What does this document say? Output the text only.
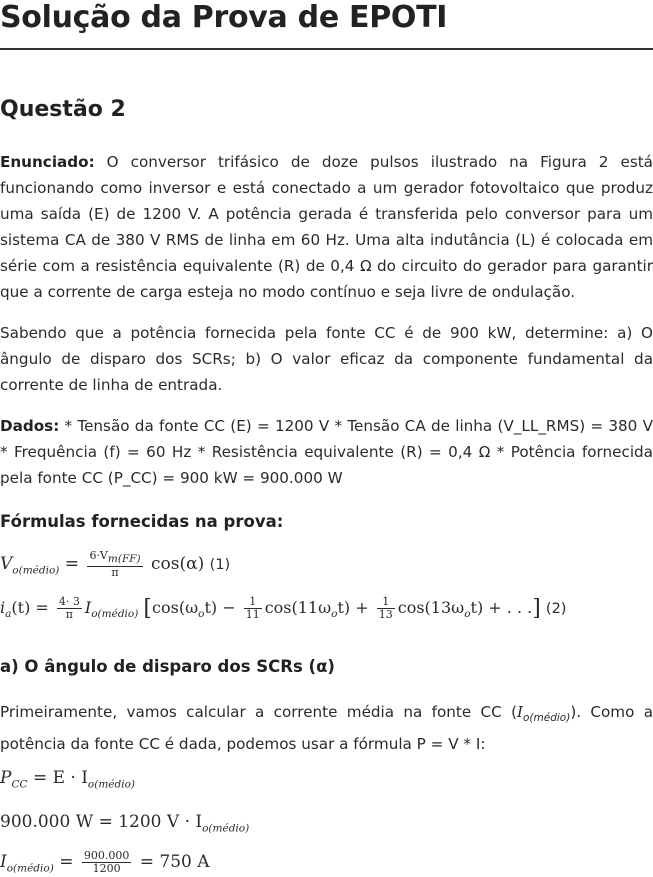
Solução da Prova de EPOTI
Questão 2

Enunciado: O conversor trifásico de doze pulsos ilustrado na Figura 2 está funcionando como inversor e está conectado a um gerador fotovoltaico que produz uma saída (E) de 1200 V. A potência gerada é transferida pelo conversor para um sistema CA de 380 V RMS de linha em 60 Hz. Uma alta indutância (L) é colocada em série com a resistência equivalente (R) de 0,4 Ω do circuito do gerador para garantir que a corrente de carga esteja no modo contínuo e seja livre de ondulação.

Sabendo que a potência fornecida pela fonte CC é de 900 kW, determine: a) O ângulo de disparo dos SCRs; b) O valor eficaz da componente fundamental da corrente de linha de entrada.

Dados: * Tensão da fonte CC (E) = 1200 V * Tensão CA de linha (V_LL_RMS) = 380 V * Frequência (f) = 60 Hz * Resistência equivalente (R) = 0,4 Ω * Potência fornecida pela fonte CC (P_CC) = 900 kW = 900.000 W

Fórmulas fornecidas na prova:
$V_{o(médio)} = \frac{6\cdot V_{m(FF)}}{\pi} \cos(\alpha)$ (1)
$i_a(t) = \frac{4\cdot 3}{\pi} I_{o(médio)}$ [$\cos(\omega_ot) - \frac{1}{11} \cos(11\omega_ot) + \frac{1}{13} \cos(13\omega_ot)$ + . . .] (2)
a) O ângulo de disparo dos SCRs (α)

Primeiramente, vamos calcular a corrente média na fonte CC $(I_{o(médio)})$. Como a potência da fonte CC é dada, podemos usar a fórmula P = V * I:

$P_{CC} = E \cdot I_{o(médio)}$
900.000 W = 1200 $V \cdot I_{o(médio)}$
$I_{o(médio)} = \frac{900.000}{1200} = 750$ A
